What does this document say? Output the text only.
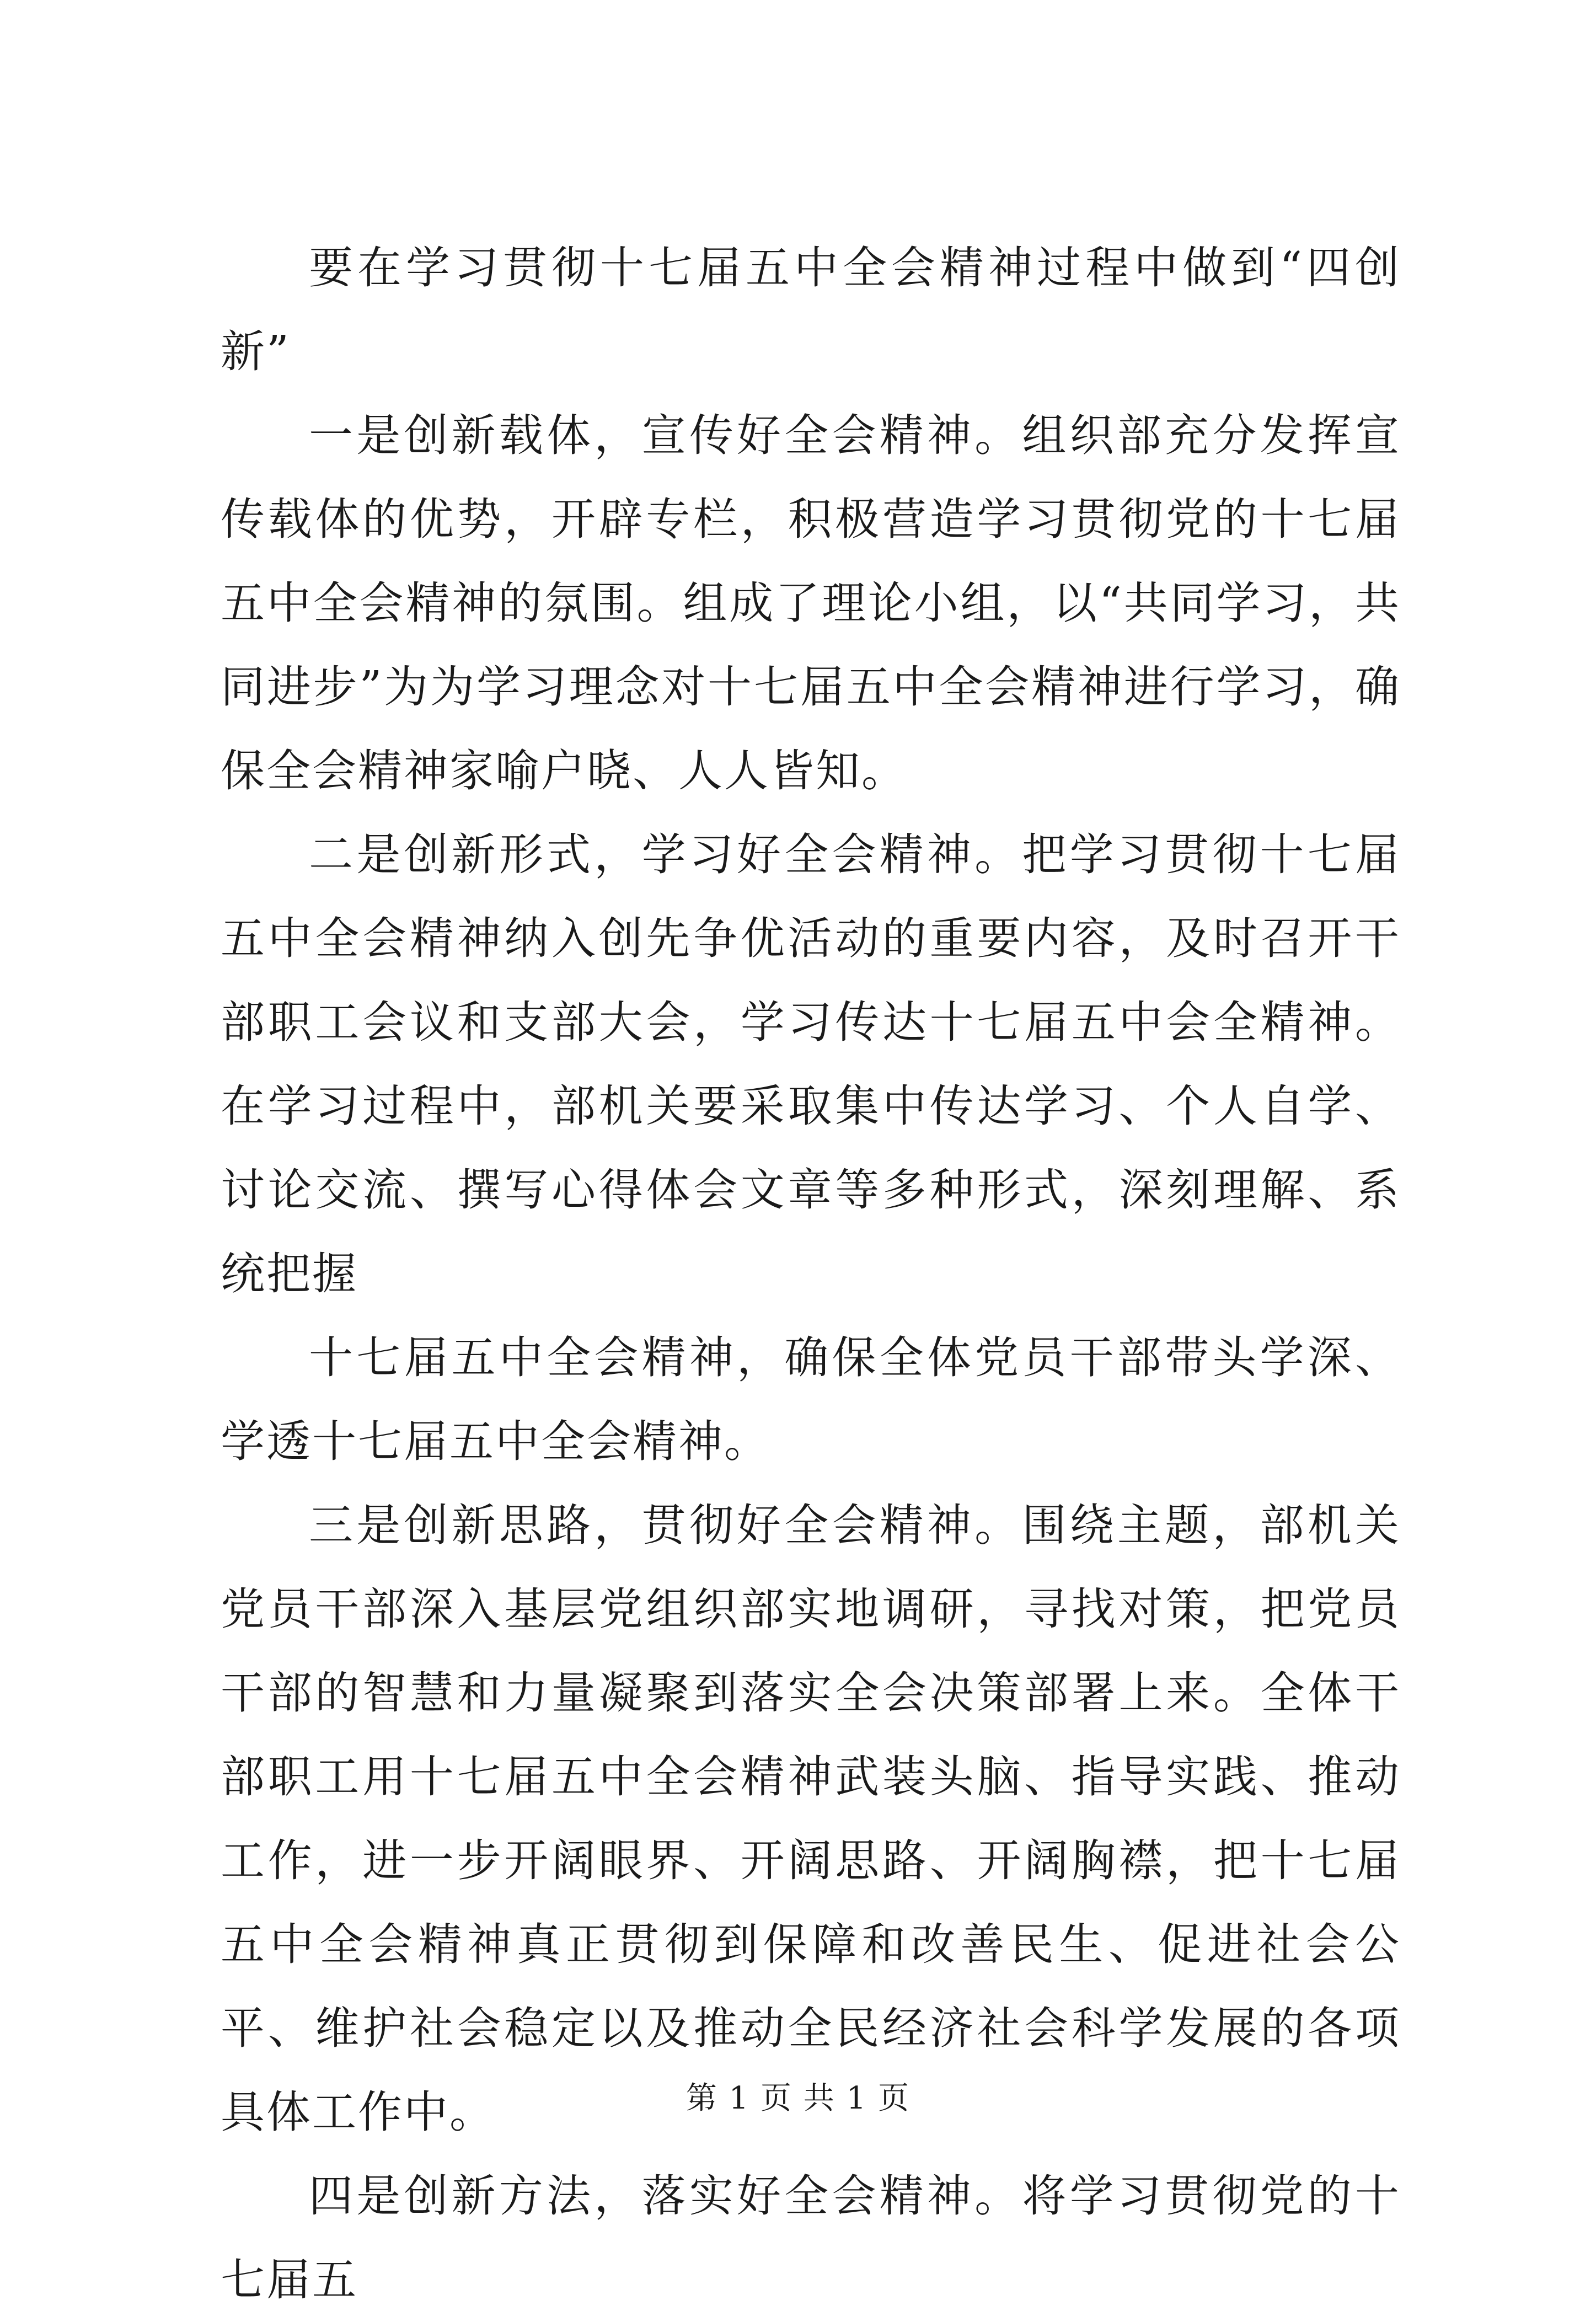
要在学习贯彻十七届五中全会精神过程中做到“四创新”

一是创新载体，宣传好全会精神。组织部充分发挥宣传载体的优势，开辟专栏，积极营造学习贯彻党的十七届五中全会精神的氛围。组成了理论小组，以“共同学习，共同进步”为为学习理念对十七届五中全会精神进行学习，确保全会精神家喻户晓、人人皆知。

二是创新形式，学习好全会精神。把学习贯彻十七届五中全会精神纳入创先争优活动的重要内容，及时召开干部职工会议和支部大会，学习传达十七届五中会全精神。在学习过程中，部机关要采取集中传达学习、个人自学、讨论交流、撰写心得体会文章等多种形式，深刻理解、系统把握

十七届五中全会精神，确保全体党员干部带头学深、学透十七届五中全会精神。

三是创新思路，贯彻好全会精神。围绕主题，部机关党员干部深入基层党组织部实地调研，寻找对策，把党员干部的智慧和力量凝聚到落实全会决策部署上来。全体干部职工用十七届五中全会精神武装头脑、指导实践、推动工作，进一步开阔眼界、开阔思路、开阔胸襟，把十七届五中全会精神真正贯彻到保障和改善民生、促进社会公平、维护社会稳定以及推动全民经济社会科学发展的各项具体工作中。

四是创新方法，落实好全会精神。将学习贯彻党的十七届五

第 1 页 共 1 页
